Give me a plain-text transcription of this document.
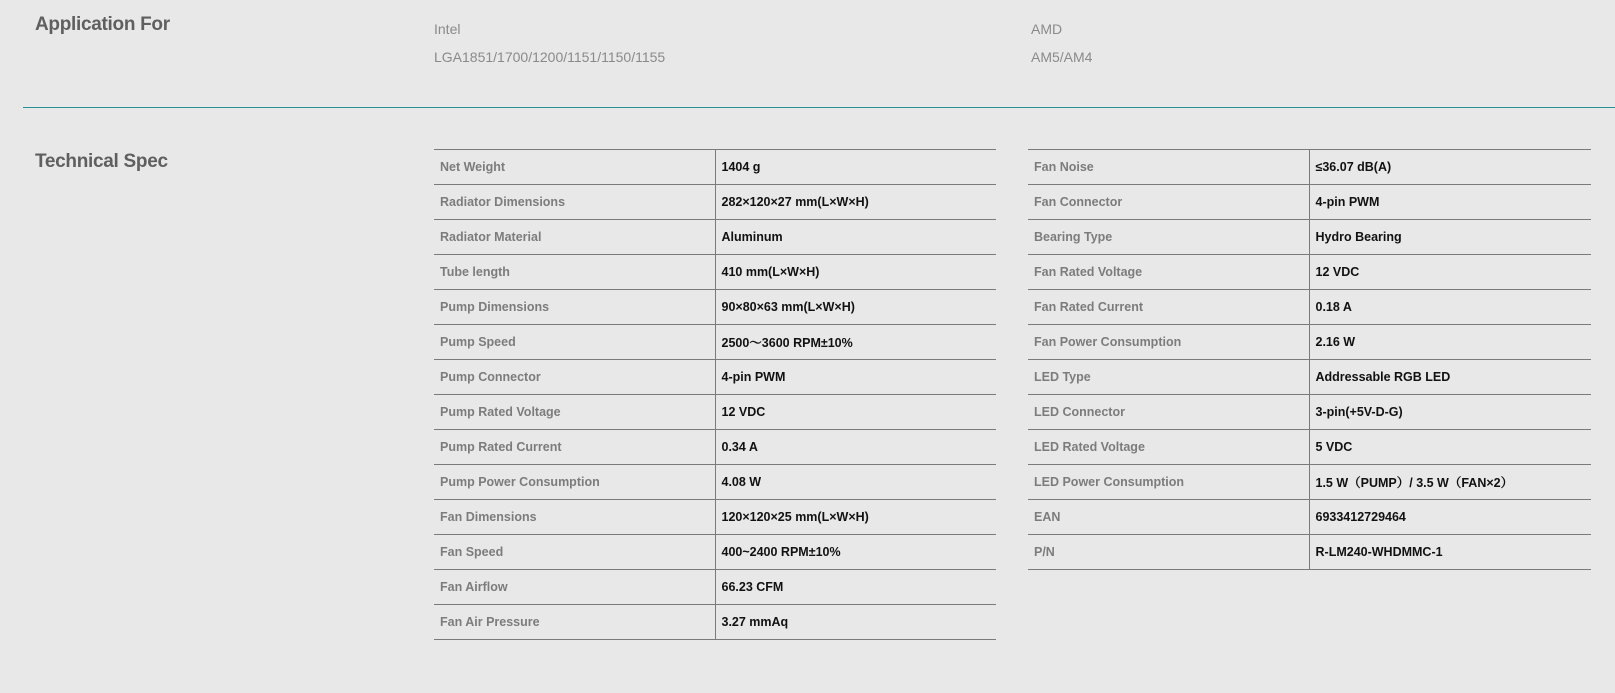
Application For	Intel
LGA1851/1700/1200/1151/1150/1155
AMD
AM5/AM4
Technical Spec	Net Weight	1404 g
Radiator Dimensions	282×120×27 mm(L×W×H)
Radiator Material	Aluminum
Tube length	410 mm(L×W×H)
Pump Dimensions	90×80×63 mm(L×W×H)
Pump Speed	2500～3600 RPM±10%
Pump Connector	4-pin PWM
Pump Rated Voltage	12 VDC
Pump Rated Current	0.34 A
Pump Power Consumption	4.08 W
Fan Dimensions	120×120×25 mm(L×W×H)
Fan Speed	400~2400 RPM±10%
Fan Airflow	66.23 CFM
Fan Air Pressure	3.27 mmAq
Fan Noise	≤36.07 dB(A)
Fan Connector	4-pin PWM
Bearing Type	Hydro Bearing
Fan Rated Voltage	12 VDC
Fan Rated Current	0.18 A
Fan Power Consumption	2.16 W
LED Type	Addressable RGB LED
LED Connector	3-pin(+5V-D-G)
LED Rated Voltage	5 VDC
LED Power Consumption	1.5 W（PUMP）/ 3.5 W（FAN×2）
EAN	6933412729464
P/N	R-LM240-WHDMMC-1
